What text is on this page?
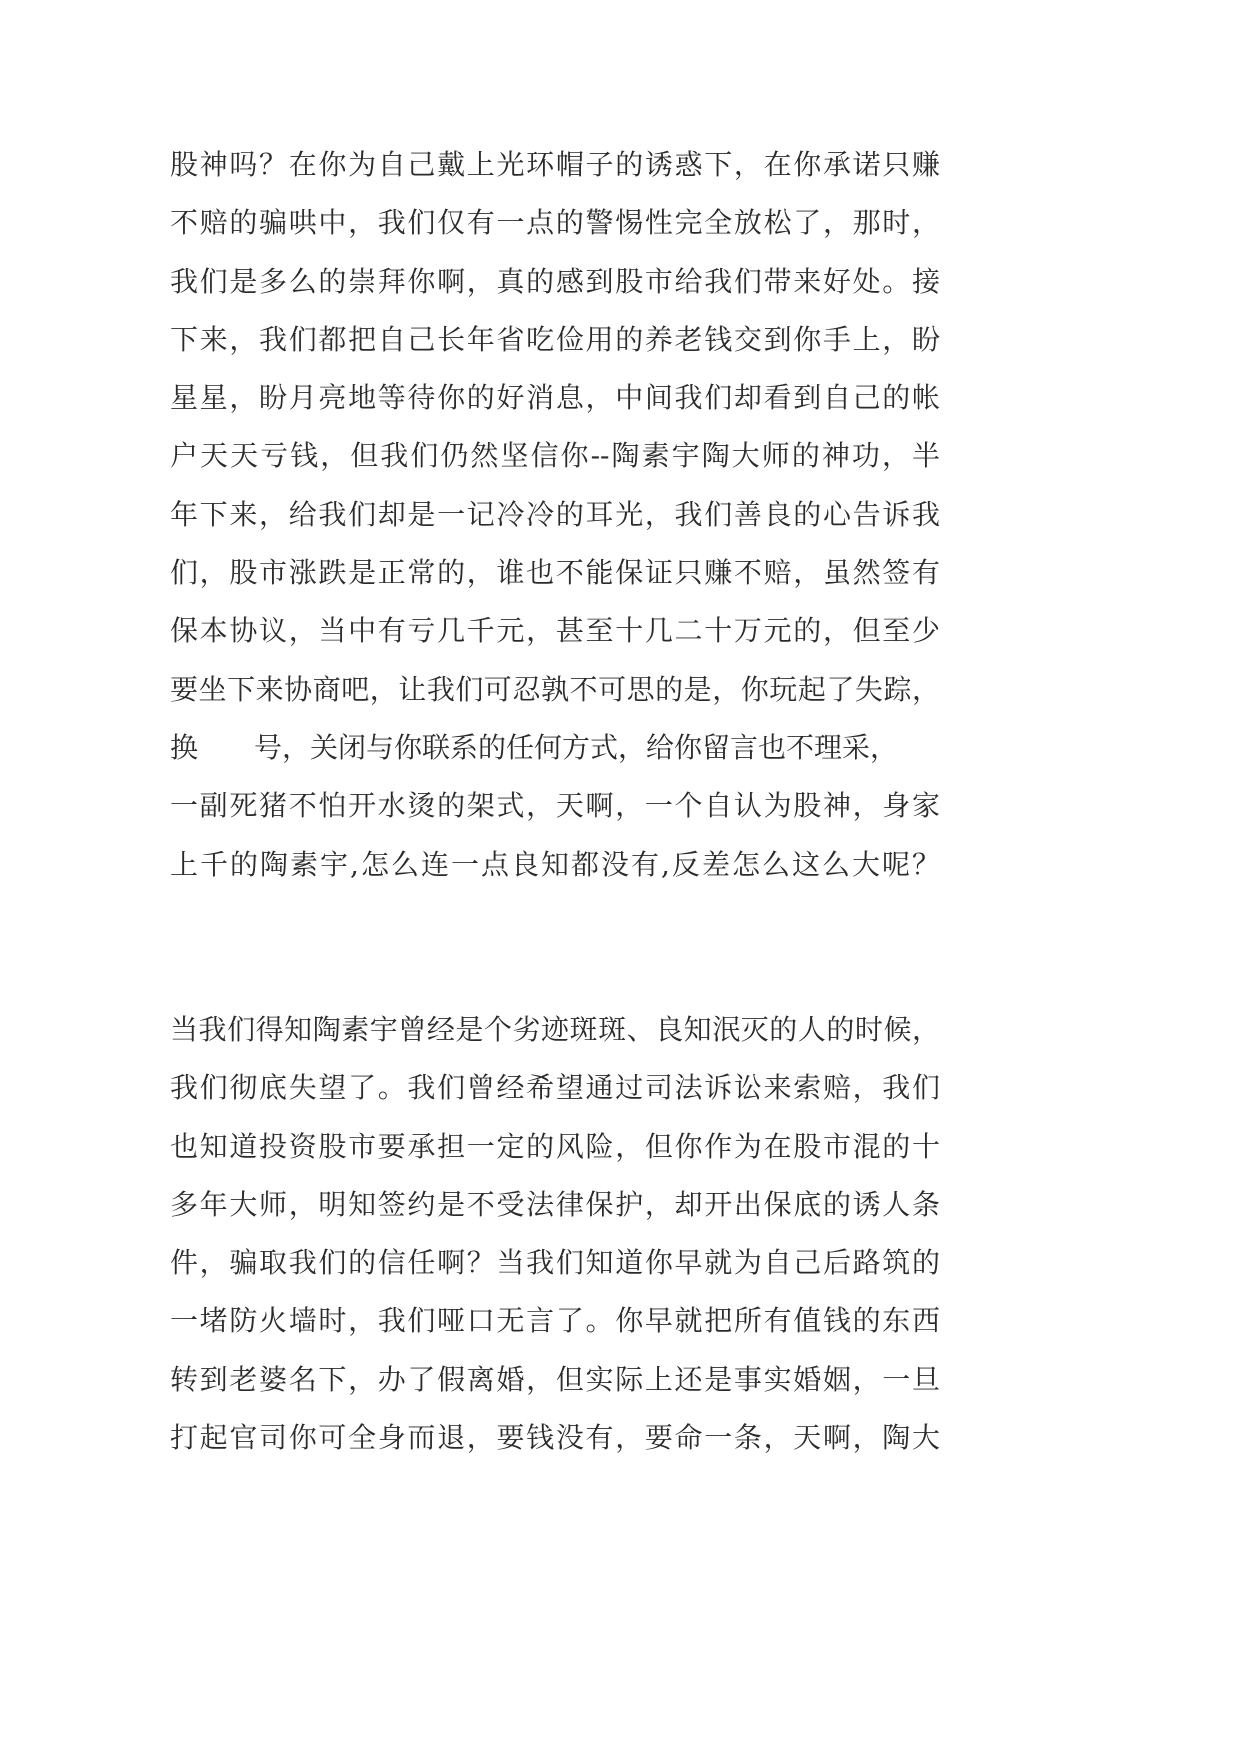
股神吗？在你为自己戴上光环帽子的诱惑下，在你承诺只赚
不赔的骗哄中，我们仅有一点的警惕性完全放松了，那时，
我们是多么的崇拜你啊，真的感到股市给我们带来好处。接
下来，我们都把自己长年省吃俭用的养老钱交到你手上，盼
星星，盼月亮地等待你的好消息，中间我们却看到自己的帐
户天天亏钱，但我们仍然坚信你--陶素宇陶大师的神功，半
年下来，给我们却是一记冷冷的耳光，我们善良的心告诉我
们，股市涨跌是正常的，谁也不能保证只赚不赔，虽然签有
保本协议，当中有亏几千元，甚至十几二十万元的，但至少
要坐下来协商吧，让我们可忍孰不可思的是，你玩起了失踪，
换　　号，关闭与你联系的任何方式，给你留言也不理采，
一副死猪不怕开水烫的架式，天啊，一个自认为股神，身家
上千的陶素宇,怎么连一点良知都没有,反差怎么这么大呢？
当我们得知陶素宇曾经是个劣迹斑斑、良知泯灭的人的时候，
我们彻底失望了。我们曾经希望通过司法诉讼来索赔，我们
也知道投资股市要承担一定的风险，但你作为在股市混的十
多年大师，明知签约是不受法律保护，却开出保底的诱人条
件，骗取我们的信任啊？当我们知道你早就为自己后路筑的
一堵防火墙时，我们哑口无言了。你早就把所有值钱的东西
转到老婆名下，办了假离婚，但实际上还是事实婚姻，一旦
打起官司你可全身而退，要钱没有，要命一条，天啊，陶大
